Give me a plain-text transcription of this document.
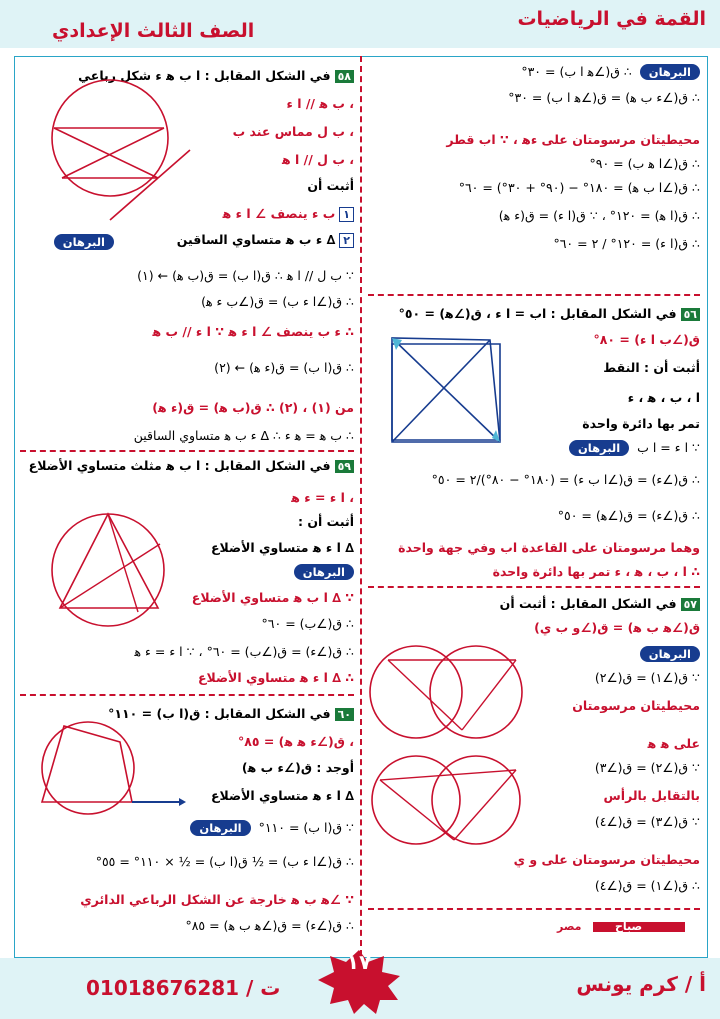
القمة في الرياضيات
الصف الثالث الإعدادي
البرهان  ∴ ق(∠ﻫ ا ب) = ٣٠°
∴ ق(∠ء ب ﻫ) = ق(∠ﻫ ا ب) = ٣٠°
محيطيتان مرسومتان على ءﻫ ، ∵ اب قطر
∴ ق(∠ا ﻫ ب) = ٩٠°
∴ ق(∠ا ب ﻫ) = ١٨٠° − (٩٠° + ٣٠°) = ٦٠°
∴ ق(ا ﻫ) = ١٢٠° ، ∵ ق(ا ء) = ق(ء ﻫ)
∴ ق(ا ء) = ١٢٠° / ٢ = ٦٠°
٥٦في الشكل المقابل : اب = ا ء ، ق(∠ﻫ) = ٥٠°
ق(∠ب ا ء) = ٨٠°
أثبت أن : النقط
ا ، ب ، ﻫ ، ء
تمر بها دائرة واحدة
∵ ا ء = ا ب  البرهان
∴ ق(∠ء) = ق(∠ا ب ء) = (١٨٠° − ٨٠°)/٢ = ٥٠°
∴ ق(∠ء) = ق(∠ﻫ) = ٥٠°
وهما مرسومتان على القاعدة اب وفي جهة واحدة
∴ ا ، ب ، ﻫ ، ء تمر بها دائرة واحدة
٥٧في الشكل المقابل : أثبت أن
ق(∠ﻫ ب ﻫ) = ق(∠و ب ي)
البرهان
∵ ق(∠١) = ق(∠٢)
محيطيتان مرسومتان
على ﻫ ﻫ
∵ ق(∠٢) = ق(∠٣)
بالتقابل بالرأس
∵ ق(∠٣) = ق(∠٤)
محيطيتان مرسومتان على و ي
∴ ق(∠١) = ق(∠٤)
٥٨في الشكل المقابل : ا ب ﻫ ء شكل رباعي
، ب ﻫ // ا ء
، ب ل مماس عند ب
، ب ل // ا ﻫ
أثبت أن
١ب ء ينصف ∠ ا ء ﻫ
٢∆ ء ب ﻫ متساوي الساقين
البرهان
∵ ب ل // ا ﻫ ∴ ق(ا ب) = ق(ب ﻫ) ← (١)
∴ ق(∠ا ء ب) = ق(∠ب ء ﻫ)
∴ ء ب ينصف ∠ ا ء ﻫ ∵ ا ء // ب ﻫ
∴ ق(ا ب) = ق(ء ﻫ) ← (٢)
من (١) ، (٢) ∴ ق(ب ﻫ) = ق(ء ﻫ)
∴ ب ﻫ = ﻫ ء ∴ ∆ ء ب ﻫ متساوي الساقين
٥٩في الشكل المقابل : ا ب ﻫ مثلث متساوي الأضلاع
، ا ء = ء ﻫ
أثبت أن :
∆ ا ء ﻫ متساوي الأضلاع
البرهان
∵ ∆ ا ب ﻫ متساوي الأضلاع
∴ ق(∠ب) = ٦٠°
∴ ق(∠ء) = ق(∠ب) = ٦٠° ، ∵ ا ء = ء ﻫ
∴ ∆ ا ء ﻫ متساوي الأضلاع
٦٠في الشكل المقابل : ق(ا ب) = ١١٠°
، ق(∠ء ﻫ ﻫ) = ٨٥°
أوجد : ق(∠ء ب ﻫ)
∆ ا ء ﻫ متساوي الأضلاع
∵ ق(ا ب) = ١١٠°  البرهان
∴ ق(∠ا ء ب) = ½ ق(ا ب) = ½ × ١١٠° = ٥٥°
∵ ∠ﻫ ب ﻫ خارجة عن الشكل الرباعي الدائري
∴ ق(∠ء) = ق(∠ﻫ ب ﻫ) = ٨٥°	مصر	صباح
أ / كرم يونس
ت / 01018676281
١٧
